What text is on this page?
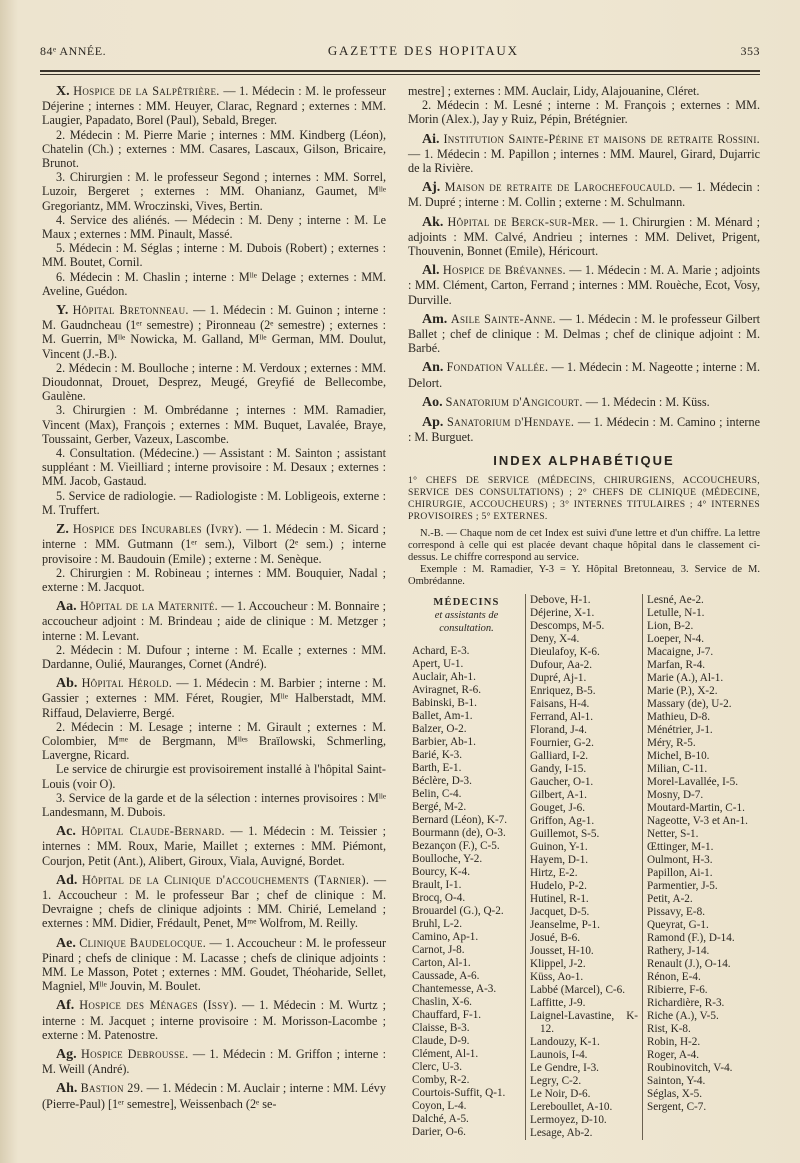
84ᵉ ANNÉE.	GAZETTE DES HOPITAUX	353

X. Hospice de la Salpêtrière. — 1. Médecin : M. le professeur Déjerine ; internes : MM. Heuyer, Clarac, Regnard ; externes : MM. Laugier, Papadato, Borel (Paul), Sebald, Breger.

2. Médecin : M. Pierre Marie ; internes : MM. Kindberg (Léon), Chatelin (Ch.) ; externes : MM. Casares, Lascaux, Gilson, Bricaire, Brunot.

3. Chirurgien : M. le professeur Segond ; internes : MM. Sorrel, Luzoir, Bergeret ; externes : MM. Ohanianz, Gaumet, Mˡˡᵉ Gregoriantz, MM. Wroczinski, Vives, Bertin.

4. Service des aliénés. — Médecin : M. Deny ; interne : M. Le Maux ; externes : MM. Pinault, Massé.

5. Médecin : M. Séglas ; interne : M. Dubois (Robert) ; externes : MM. Boutet, Cornil.

6. Médecin : M. Chaslin ; interne : Mˡˡᵉ Delage ; externes : MM. Aveline, Guédon.

Y. Hôpital Bretonneau. — 1. Médecin : M. Guinon ; interne : M. Gaudncheau (1ᵉʳ semestre) ; Pironneau (2ᵉ semestre) ; externes : M. Guerrin, Mˡˡᵉ Nowicka, M. Galland, Mˡˡᵉ German, MM. Doulut, Vincent (J.-B.).

2. Médecin : M. Boulloche ; interne : M. Verdoux ; externes : MM. Dioudonnat, Drouet, Desprez, Meugé, Greyfié de Bellecombe, Gaulène.

3. Chirurgien : M. Ombrédanne ; internes : MM. Ramadier, Vincent (Max), François ; externes : MM. Buquet, Lavalée, Braye, Toussaint, Gerber, Vazeux, Lascombe.

4. Consultation. (Médecine.) — Assistant : M. Sainton ; assistant suppléant : M. Vieilliard ; interne provisoire : M. Desaux ; externes : MM. Jacob, Gastaud.

5. Service de radiologie. — Radiologiste : M. Lobligeois, externe : M. Truffert.

Z. Hospice des Incurables (Ivry). — 1. Médecin : M. Sicard ; interne : MM. Gutmann (1ᵉʳ sem.), Vilbort (2ᵉ sem.) ; interne provisoire : M. Baudouin (Emile) ; externe : M. Senèque.

2. Chirurgien : M. Robineau ; internes : MM. Bouquier, Nadal ; externe : M. Jacquot.

Aa. Hôpital de la Maternité. — 1. Accoucheur : M. Bonnaire ; accoucheur adjoint : M. Brindeau ; aide de clinique : M. Metzger ; interne : M. Levant.

2. Médecin : M. Dufour ; interne : M. Ecalle ; externes : MM. Dardanne, Oulié, Mauranges, Cornet (André).

Ab. Hôpital Hérold. — 1. Médecin : M. Barbier ; interne : M. Gassier ; externes : MM. Féret, Rougier, Mˡˡᵉ Halberstadt, MM. Riffaud, Delavierre, Bergé.

2. Médecin : M. Lesage ; interne : M. Girault ; externes : M. Colombier, Mᵐᵉ de Bergmann, Mˡˡᵉˢ Braïlowski, Schmerling, Lavergne, Ricard.

Le service de chirurgie est provisoirement installé à l'hôpital Saint-Louis (voir O).

3. Service de la garde et de la sélection : internes provisoires : Mˡˡᵉ Landesmann, M. Dubois.

Ac. Hôpital Claude-Bernard. — 1. Médecin : M. Teissier ; internes : MM. Roux, Marie, Maillet ; externes : MM. Piémont, Courjon, Petit (Ant.), Alibert, Giroux, Viala, Auvigné, Bordet.

Ad. Hôpital de la Clinique d'accouchements (Tarnier). — 1. Accoucheur : M. le professeur Bar ; chef de clinique : M. Devraigne ; chefs de clinique adjoints : MM. Chirié, Lemeland ; externes : MM. Didier, Frédault, Penet, Mᵐᵉ Wolfrom, M. Reilly.

Ae. Clinique Baudelocque. — 1. Accoucheur : M. le professeur Pinard ; chefs de clinique : M. Lacasse ; chefs de clinique adjoints : MM. Le Masson, Potet ; externes : MM. Goudet, Théoharide, Sellet, Magniel, Mˡˡᵉ Jouvin, M. Boulet.

Af. Hospice des Ménages (Issy). — 1. Médecin : M. Wurtz ; interne : M. Jacquet ; interne provisoire : M. Morisson-Lacombe ; externe : M. Patenostre.

Ag. Hospice Debrousse. — 1. Médecin : M. Griffon ; interne : M. Weill (André).

Ah. Bastion 29. — 1. Médecin : M. Auclair ; interne : MM. Lévy (Pierre-Paul) [1ᵉʳ semestre], Weissenbach (2ᵉ se-

mestre] ; externes : MM. Auclair, Lidy, Alajouanine, Cléret.

2. Médecin : M. Lesné ; interne : M. François ; externes : MM. Morin (Alex.), Jay y Ruiz, Pépin, Brétégnier.

Ai. Institution Sainte-Périne et maisons de retraite Rossini. — 1. Médecin : M. Papillon ; internes : MM. Maurel, Girard, Dujarric de la Rivière.

Aj. Maison de retraite de Larochefoucauld. — 1. Médecin : M. Dupré ; interne : M. Collin ; externe : M. Schulmann.

Ak. Hôpital de Berck-sur-Mer. — 1. Chirurgien : M. Ménard ; adjoints : MM. Calvé, Andrieu ; internes : MM. Delivet, Prigent, Thouvenin, Bonnet (Emile), Héricourt.

Al. Hospice de Brévannes. — 1. Médecin : M. A. Marie ; adjoints : MM. Clément, Carton, Ferrand ; internes : MM. Rouèche, Ecot, Vosy, Durville.

Am. Asile Sainte-Anne. — 1. Médecin : M. le professeur Gilbert Ballet ; chef de clinique : M. Delmas ; chef de clinique adjoint : M. Barbé.

An. Fondation Vallée. — 1. Médecin : M. Nageotte ; interne : M. Delort.

Ao. Sanatorium d'Angicourt. — 1. Médecin : M. Küss.

Ap. Sanatorium d'Hendaye. — 1. Médecin : M. Camino ; interne : M. Burguet.

INDEX ALPHABÉTIQUE
1° CHEFS DE SERVICE (MÉDECINS, CHIRURGIENS, ACCOUCHEURS, SERVICE DES CONSULTATIONS) ; 2° CHEFS DE CLINIQUE (MÉDECINE, CHIRURGIE, ACCOUCHEURS) ; 3° INTERNES TITULAIRES ; 4° INTERNES PROVISOIRES ; 5° EXTERNES.

N.-B. — Chaque nom de cet Index est suivi d'une lettre et d'un chiffre. La lettre correspond à celle qui est placée devant chaque hôpital dans le classement ci-dessus. Le chiffre correspond au service.

Exemple : M. Ramadier, Y-3 = Y. Hôpital Bretonneau, 3. Service de M. Ombrédanne.

MÉDECINS
et assistants de consultation.
Achard, E-3.
Apert, U-1.
Auclair, Ah-1.
Aviragnet, R-6.
Babinski, B-1.
Ballet, Am-1.
Balzer, O-2.
Barbier, Ab-1.
Barié, K-3.
Barth, E-1.
Béclère, D-3.
Belin, C-4.
Bergé, M-2.
Bernard (Léon), K-7.
Bourmann (de), O-3.
Bezançon (F.), C-5.
Boulloche, Y-2.
Bourcy, K-4.
Brault, I-1.
Brocq, O-4.
Brouardel (G.), Q-2.
Bruhl, L-2.
Camino, Ap-1.
Carnot, J-8.
Carton, Al-1.
Caussade, A-6.
Chantemesse, A-3.
Chaslin, X-6.
Chauffard, F-1.
Claisse, B-3.
Claude, D-9.
Clément, Al-1.
Clerc, U-3.
Comby, R-2.
Courtois-Suffit, Q-1.
Coyon, L-4.
Dalché, A-5.
Darier, O-6.
Debove, H-1.
Déjerine, X-1.
Descomps, M-5.
Deny, X-4.
Dieulafoy, K-6.
Dufour, Aa-2.
Dupré, Aj-1.
Enriquez, B-5.
Faisans, H-4.
Ferrand, Al-1.
Florand, J-4.
Fournier, G-2.
Galliard, I-2.
Gandy, I-15.
Gaucher, O-1.
Gilbert, A-1.
Gouget, J-6.
Griffon, Ag-1.
Guillemot, S-5.
Guinon, Y-1.
Hayem, D-1.
Hirtz, E-2.
Hudelo, P-2.
Hutinel, R-1.
Jacquet, D-5.
Jeanselme, P-1.
Josué, B-6.
Jousset, H-10.
Klippel, J-2.
Küss, Ao-1.
Labbé (Marcel), C-6.
Laffitte, J-9.
Laignel-Lavastine, K-12.
Landouzy, K-1.
Launois, I-4.
Le Gendre, I-3.
Legry, C-2.
Le Noir, D-6.
Lereboullet, A-10.
Lermoyez, D-10.
Lesage, Ab-2.
Lesné, Ae-2.
Letulle, N-1.
Lion, B-2.
Loeper, N-4.
Macaigne, J-7.
Marfan, R-4.
Marie (A.), Al-1.
Marie (P.), X-2.
Massary (de), U-2.
Mathieu, D-8.
Ménétrier, J-1.
Méry, R-5.
Michel, B-10.
Milian, C-11.
Morel-Lavallée, I-5.
Mosny, D-7.
Moutard-Martin, C-1.
Nageotte, V-3 et An-1.
Netter, S-1.
Œttinger, M-1.
Oulmont, H-3.
Papillon, Ai-1.
Parmentier, J-5.
Petit, A-2.
Pissavy, E-8.
Queyrat, G-1.
Ramond (F.), D-14.
Rathery, J-14.
Renault (J.), O-14.
Rénon, E-4.
Ribierre, F-6.
Richardière, R-3.
Riche (A.), V-5.
Rist, K-8.
Robin, H-2.
Roger, A-4.
Roubinovitch, V-4.
Sainton, Y-4.
Séglas, X-5.
Sergent, C-7.
